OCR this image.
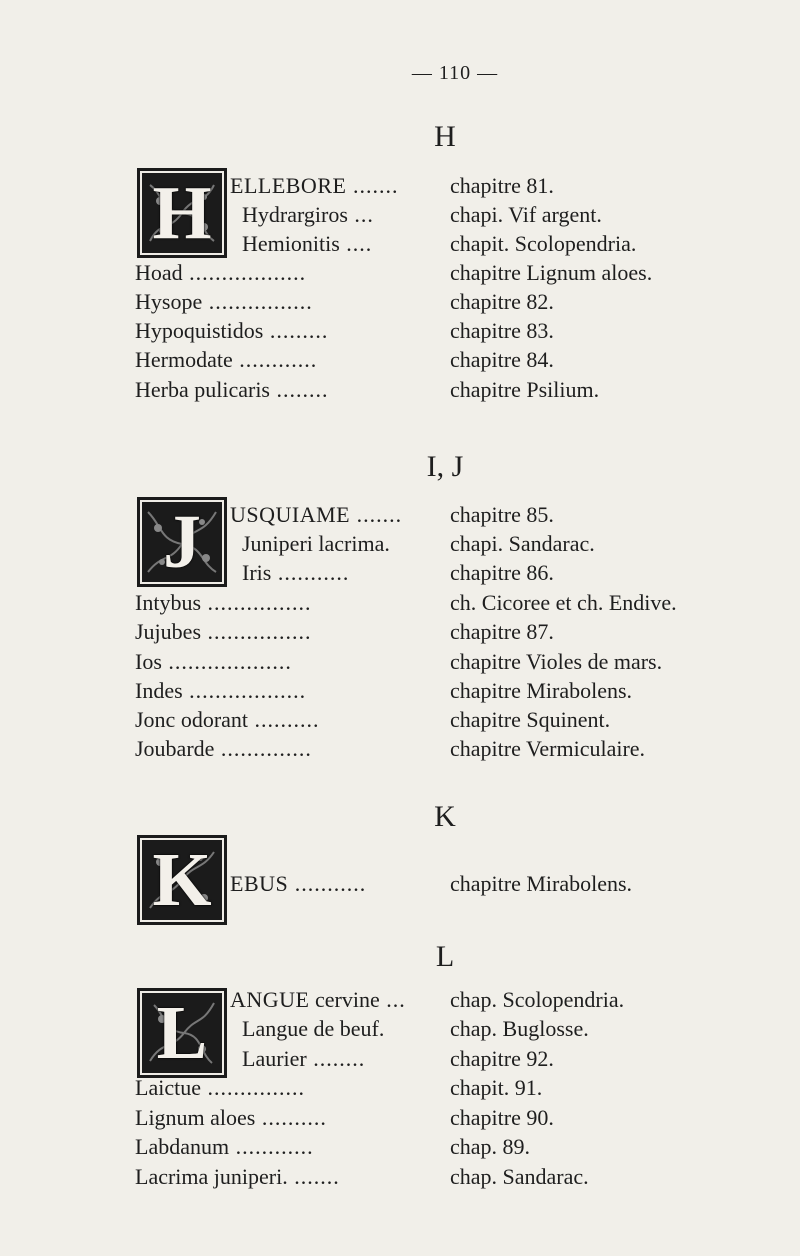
— 110 —
H
H
I, J
J
K
K
L
L
ELLEBORE .......	chapitre 81.
Hydrargiros ...	chapi. Vif argent.
Hemionitis ....	chapit. Scolopendria.
Hoad ..................	chapitre Lignum aloes.
Hysope ................	chapitre 82.
Hypoquistidos .........	chapitre 83.
Hermodate ............	chapitre 84.
Herba pulicaris ........	chapitre Psilium.
USQUIAME .......	chapitre 85.
Juniperi lacrima.	chapi. Sandarac.
Iris ...........	chapitre 86.
Intybus ................	ch. Cicoree et ch. Endive.
Jujubes ................	chapitre 87.
Ios ...................	chapitre Violes de mars.
Indes ..................	chapitre Mirabolens.
Jonc odorant ..........	chapitre Squinent.
Joubarde ..............	chapitre Vermiculaire.
EBUS ...........	chapitre Mirabolens.
ANGUE cervine ...	chap. Scolopendria.
Langue de beuf.	chap. Buglosse.
Laurier ........	chapitre 92.
Laictue ...............	chapit. 91.
Lignum aloes ..........	chapitre 90.
Labdanum ............	chap. 89.
Lacrima juniperi. .......	chap. Sandarac.
